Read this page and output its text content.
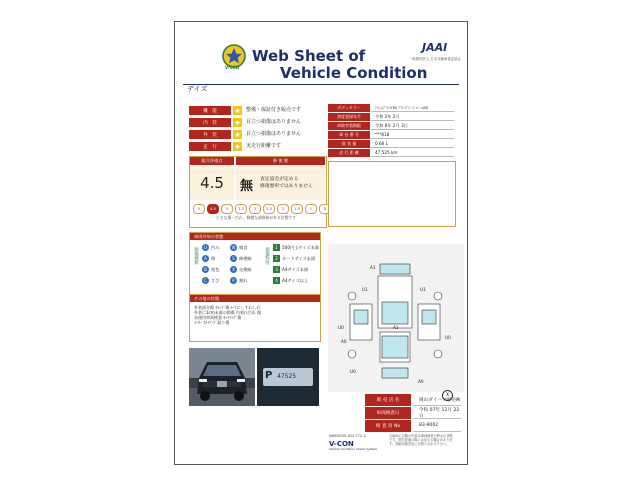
V-CON
Web Sheet of
Vehicle Condition
JAAI
一般財団法人 日本自動車査定協会
デイズ
機　能	★ 整備・保証付き販売です
内　装	★ 目立つ損傷はありません
外　装	★ 目立つ損傷はありません
走　行	★ 実走行距離です
ボディカラー	ｱｯｼｭ/ﾌﾞﾗｯｸ(M) ﾌﾞﾛｰｽﾞﾝﾞｰﾝ ﾊﾟｰﾙ(M)
初度登録年月	令和 2年 2月
車検有効期限	令和 8年 2月 3日
車 台 番 号	***818
排 気 量	0.66 L
走 行 距 離	47,525 km
総合評価点	修 復 歴
4.5 無 査定協会が定める
修復歴車ではありません
5	4.5	4	3.5	3	2.5	2	1.5	1	R
小さな傷・凹み、軽微な補修跡がある状態です
車両外装の状態
損傷種類	損傷程度
U 凹み
A 傷
B 変色
C さび
W 腐食
S	修理跡
X 交換跡
P	割れ
1	500円玉サイズ未満
2	カードサイズ未満
3	A4サイズ未満
4	A4サイズ以上
その他の状態
外装部分傷 ｽﾄｯﾌﾟ傷 ﾙｰﾌにしすれしわ
外装に1cm未満の損傷 内装ﾅﾚ汚れ 傷
未使用車両検査 ｾｯﾄｱｯﾌﾟ傷
ﾒｰﾀｰ ｽﾃｲｿｰﾌﾟ取り傷
P 47525
A1
U1	U1
A1
U0
A0
U0
U0
A0
X
販 売 店 名	岡山ダイハツ販売㈱
車両検査日
令和 07年 12月 22日
検 査 員 No	83-9002
N083055-001772-1
V-CON
Vehicle Condition Check System
当車両に記載の内容は車両検査日時点の状態です。期日経過の際には変わる場合があります。詳細は販売店にお問い合わせ下さい。
